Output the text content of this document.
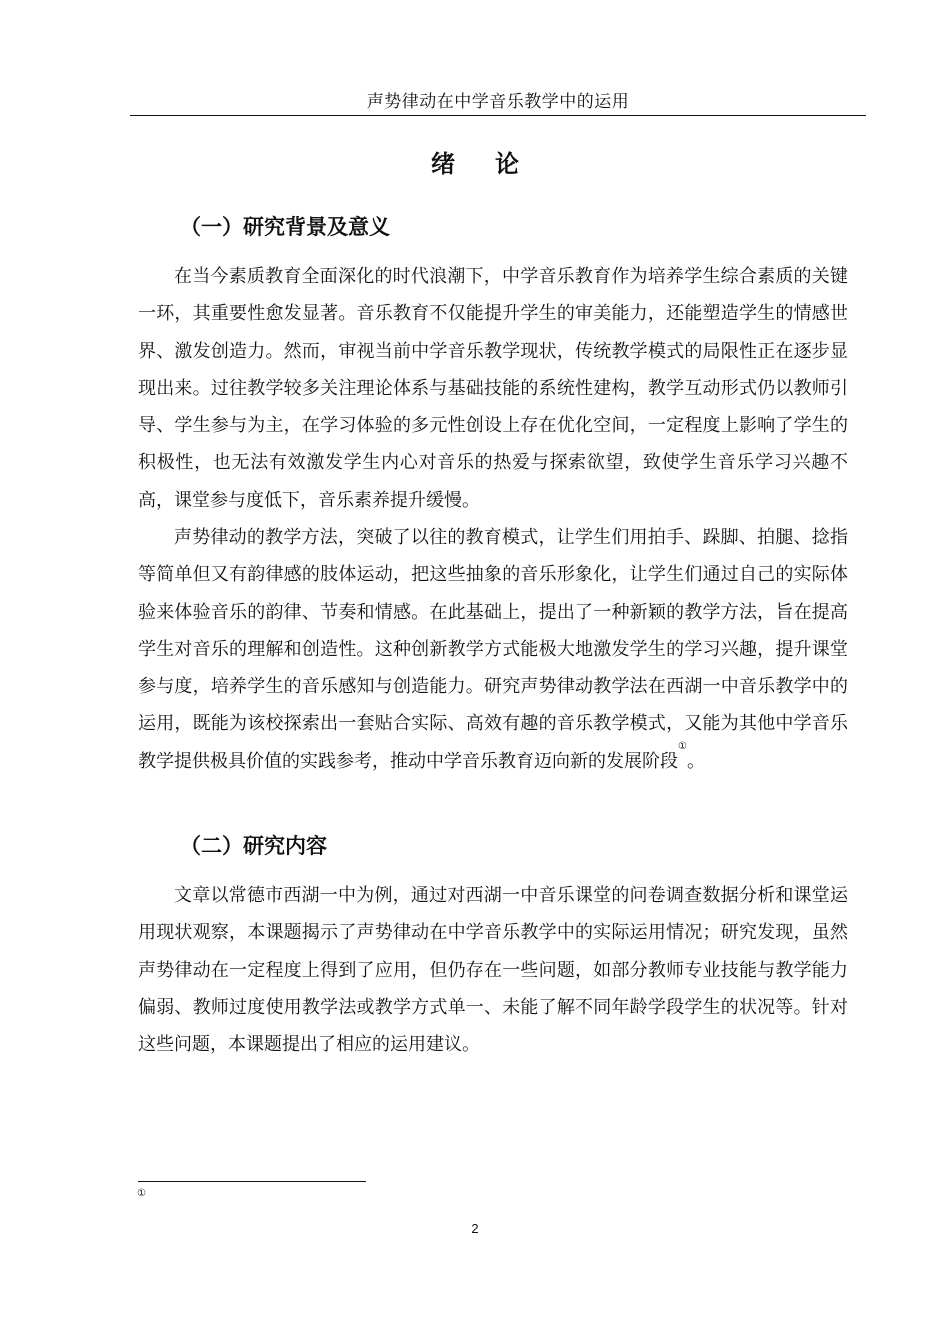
声势律动在中学音乐教学中的运用
绪论
（一）研究背景及意义

在当今素质教育全面深化的时代浪潮下，中学音乐教育作为培养学生综合素质的关键一环，其重要性愈发显著。音乐教育不仅能提升学生的审美能力，还能塑造学生的情感世界、激发创造力。然而，审视当前中学音乐教学现状，传统教学模式的局限性正在逐步显现出来。过往教学较多关注理论体系与基础技能的系统性建构，教学互动形式仍以教师引导、学生参与为主，在学习体验的多元性创设上存在优化空间，一定程度上影响了学生的积极性，也无法有效激发学生内心对音乐的热爱与探索欲望，致使学生音乐学习兴趣不高，课堂参与度低下，音乐素养提升缓慢。

声势律动的教学方法，突破了以往的教育模式，让学生们用拍手、跺脚、拍腿、捻指等简单但又有韵律感的肢体运动，把这些抽象的音乐形象化，让学生们通过自己的实际体验来体验音乐的韵律、节奏和情感。在此基础上，提出了一种新颖的教学方法，旨在提高学生对音乐的理解和创造性。这种创新教学方式能极大地激发学生的学习兴趣，提升课堂参与度，培养学生的音乐感知与创造能力。研究声势律动教学法在西湖一中音乐教学中的运用，既能为该校探索出一套贴合实际、高效有趣的音乐教学模式，又能为其他中学音乐教学提供极具价值的实践参考，推动中学音乐教育迈向新的发展阶段①。

（二）研究内容

文章以常德市西湖一中为例，通过对西湖一中音乐课堂的问卷调查数据分析和课堂运用现状观察，本课题揭示了声势律动在中学音乐教学中的实际运用情况；研究发现，虽然声势律动在一定程度上得到了应用，但仍存在一些问题，如部分教师专业技能与教学能力偏弱、教师过度使用教学法或教学方式单一、未能了解不同年龄学段学生的状况等。针对这些问题，本课题提出了相应的运用建议。

①
2
